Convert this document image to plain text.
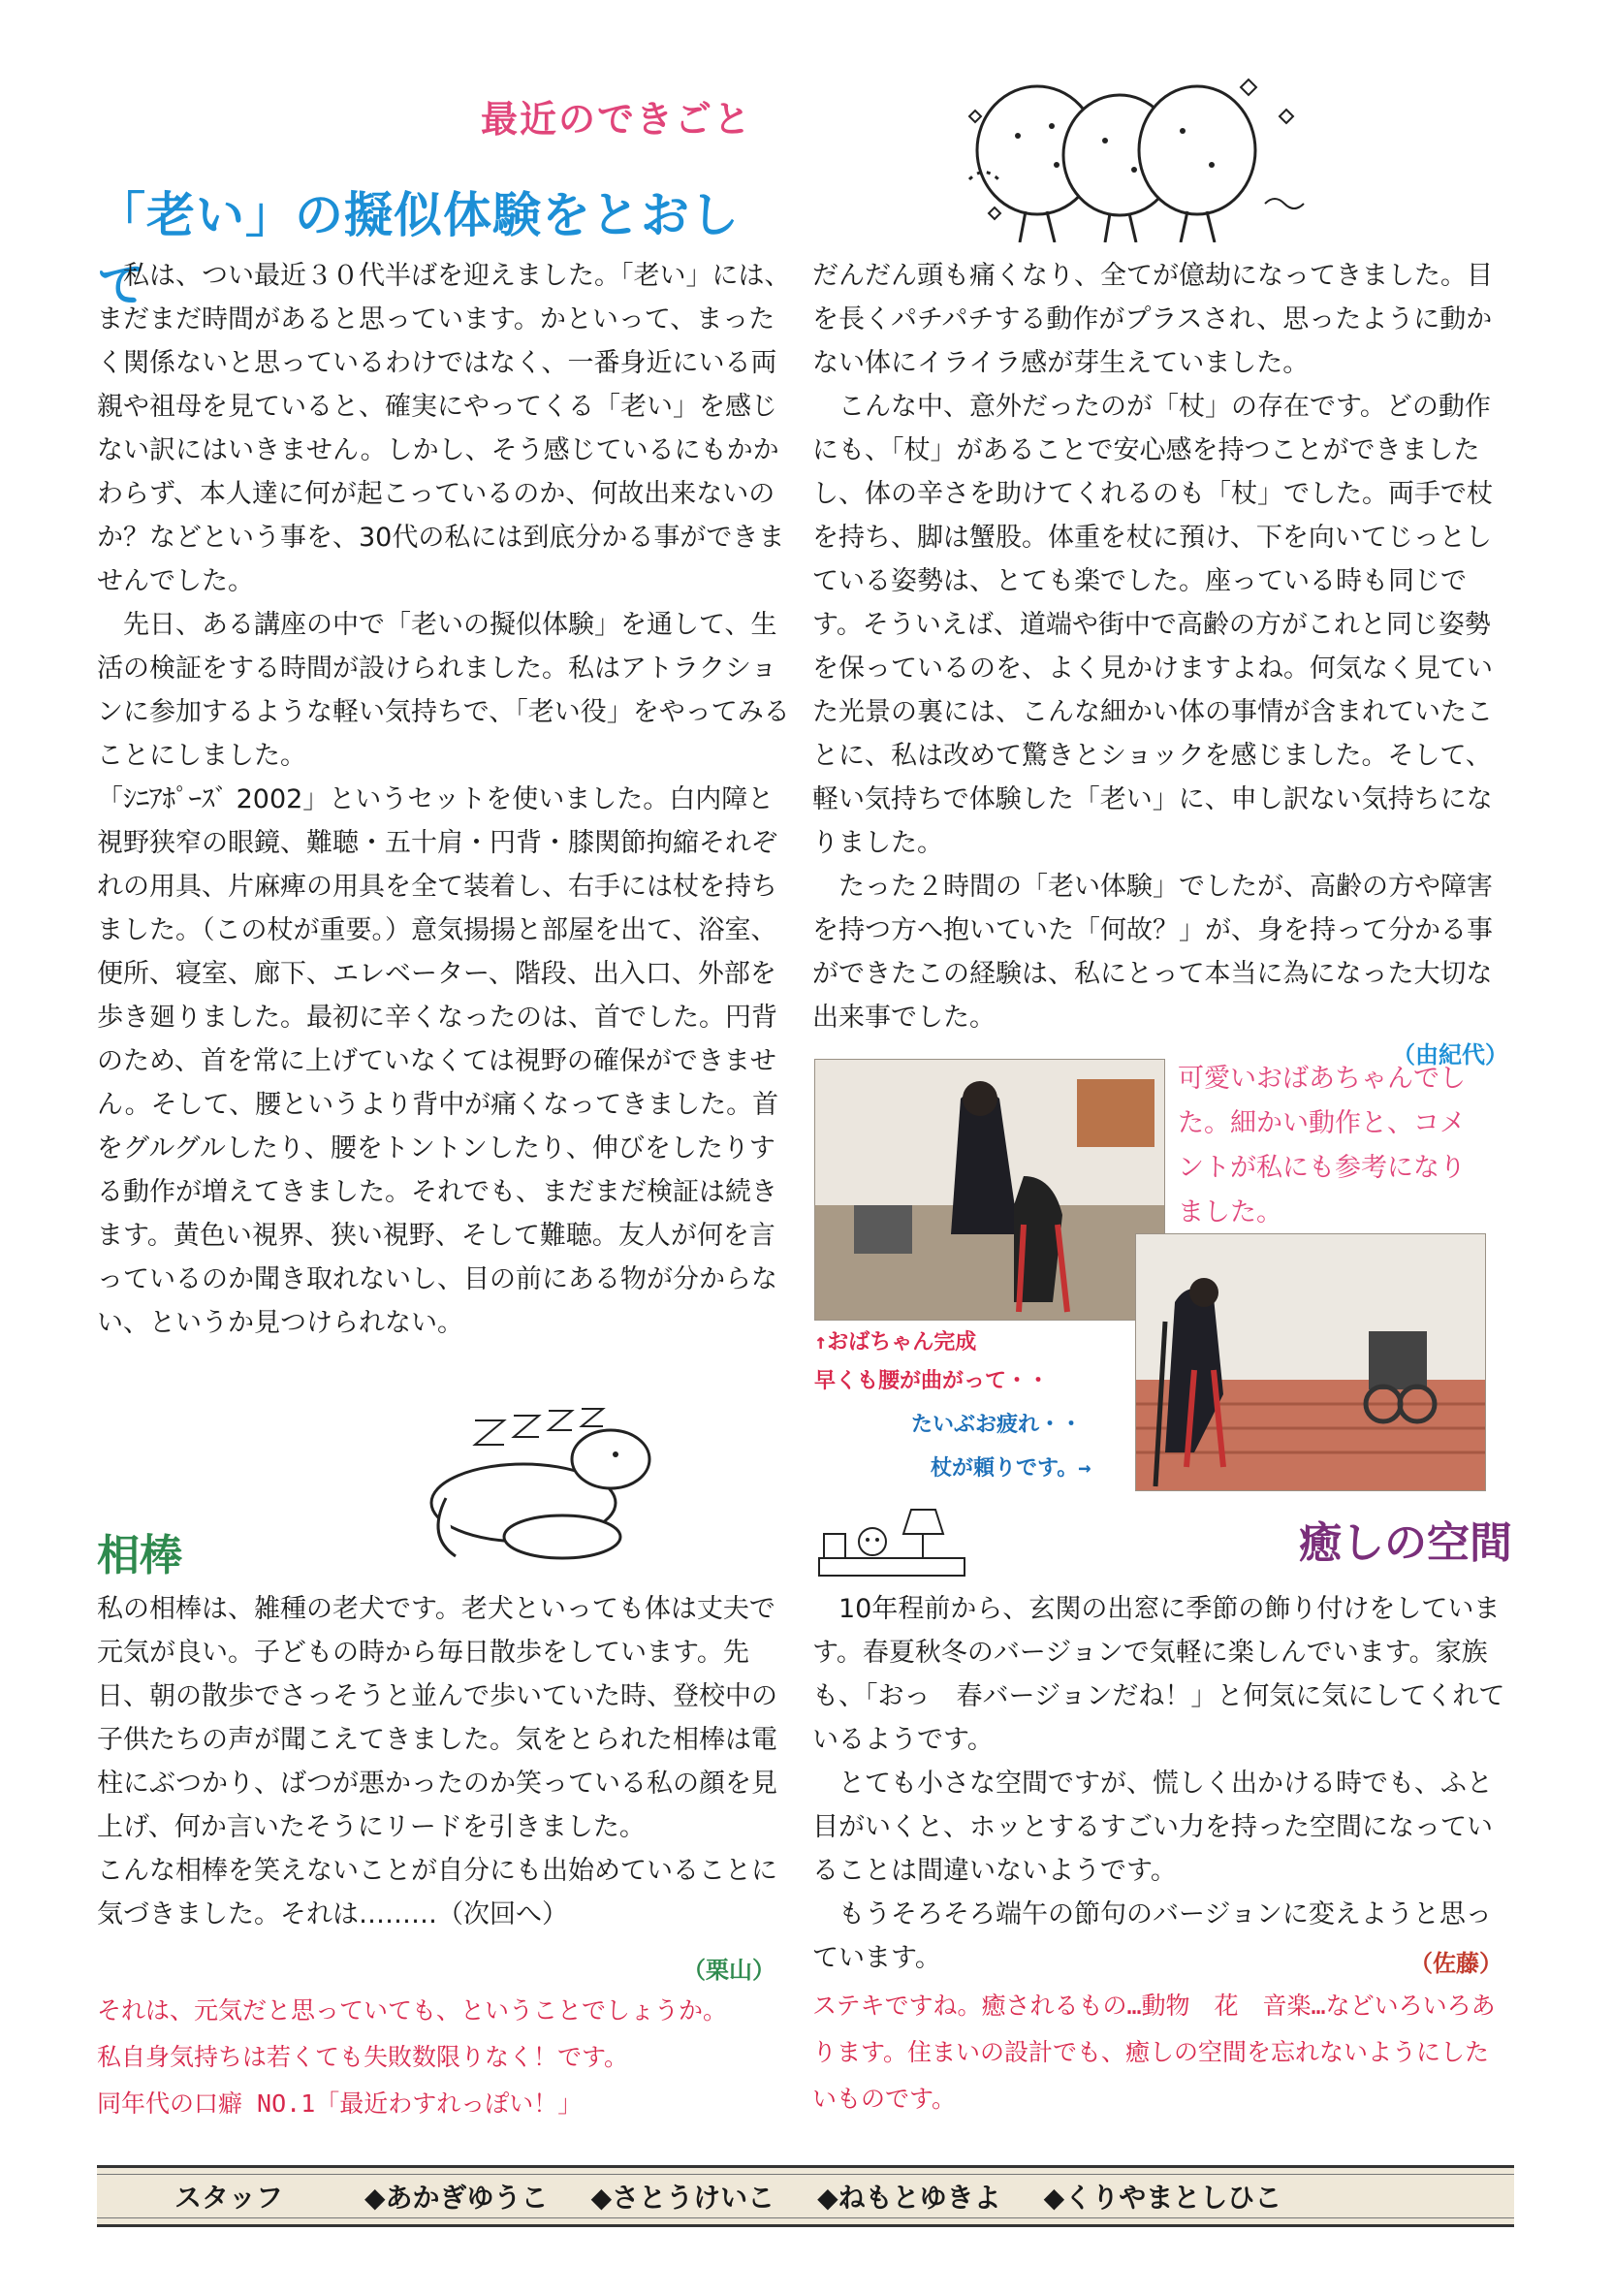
最近のできごと
「老い」の擬似体験をとおして

私は、つい最近３０代半ばを迎えました。「老い」には、まだまだ時間があると思っています。かといって、まったく関係ないと思っているわけではなく、一番身近にいる両親や祖母を見ていると、確実にやってくる「老い」を感じない訳にはいきません。しかし、そう感じているにもかかわらず、本人達に何が起こっているのか、何故出来ないのか？などという事を、30代の私には到底分かる事ができませんでした。

先日、ある講座の中で「老いの擬似体験」を通して、生活の検証をする時間が設けられました。私はアトラクションに参加するような軽い気持ちで、「老い役」をやってみることにしました。

「ｼﾆｱﾎﾟｰｽﾞ 2002」というセットを使いました。白内障と視野狭窄の眼鏡、難聴・五十肩・円背・膝関節拘縮それぞれの用具、片麻痺の用具を全て装着し、右手には杖を持ちました。（この杖が重要。）意気揚揚と部屋を出て、浴室、便所、寝室、廊下、エレベーター、階段、出入口、外部を歩き廻りました。最初に辛くなったのは、首でした。円背のため、首を常に上げていなくては視野の確保ができません。そして、腰というより背中が痛くなってきました。首をグルグルしたり、腰をトントンしたり、伸びをしたりする動作が増えてきました。それでも、まだまだ検証は続きます。黄色い視界、狭い視野、そして難聴。友人が何を言っているのか聞き取れないし、目の前にある物が分からない、というか見つけられない。

だんだん頭も痛くなり、全てが億劫になってきました。目を長くパチパチする動作がプラスされ、思ったように動かない体にイライラ感が芽生えていました。

こんな中、意外だったのが「杖」の存在です。どの動作にも、「杖」があることで安心感を持つことができましたし、体の辛さを助けてくれるのも「杖」でした。両手で杖を持ち、脚は蟹股。体重を杖に預け、下を向いてじっとしている姿勢は、とても楽でした。座っている時も同じです。そういえば、道端や街中で高齢の方がこれと同じ姿勢を保っているのを、よく見かけますよね。何気なく見ていた光景の裏には、こんな細かい体の事情が含まれていたことに、私は改めて驚きとショックを感じました。そして、軽い気持ちで体験した「老い」に、申し訳ない気持ちになりました。

たった２時間の「老い体験」でしたが、高齢の方や障害を持つ方へ抱いていた「何故？」が、身を持って分かる事ができたこの経験は、私にとって本当に為になった大切な出来事でした。

（由紀代）
可愛いおばあちゃんでした。細かい動作と、コメントが私にも参考になりました。
↑おばちゃん完成
早くも腰が曲がって・・
たいぶお疲れ・・
杖が頼りです。→
相棒

私の相棒は、雑種の老犬です。老犬といっても体は丈夫で元気が良い。子どもの時から毎日散歩をしています。先日、朝の散歩でさっそうと並んで歩いていた時、登校中の子供たちの声が聞こえてきました。気をとられた相棒は電柱にぶつかり、ばつが悪かったのか笑っている私の顔を見上げ、何か言いたそうにリードを引きました。

こんな相棒を笑えないことが自分にも出始めていることに気づきました。それは………（次回へ）

（栗山）
それは、元気だと思っていても、ということでしょうか。
私自身気持ちは若くても失敗数限りなく！です。
同年代の口癖 NO.1「最近わすれっぽい！」
癒しの空間

10年程前から、玄関の出窓に季節の飾り付けをしています。春夏秋冬のバージョンで気軽に楽しんでいます。家族も、「おっ　春バージョンだね！」と何気に気にしてくれているようです。

とても小さな空間ですが、慌しく出かける時でも、ふと目がいくと、ホッとするすごい力を持った空間になっていることは間違いないようです。

もうそろそろ端午の節句のバージョンに変えようと思っています。	（佐藤）
ステキですね。癒されるもの…動物　花　音楽…などいろいろあります。住まいの設計でも、癒しの空間を忘れないようにしたいものです。
スタッフ	◆あかぎゆうこ ◆さとうけいこ ◆ねもとゆきよ ◆くりやまとしひこ
